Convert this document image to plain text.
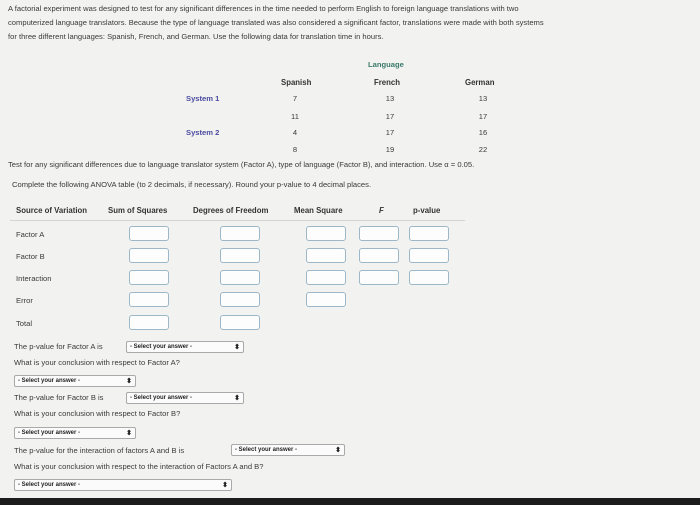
A factorial experiment was designed to test for any significant differences in the time needed to perform English to foreign language translations with two
computerized language translators. Because the type of language translated was also considered a significant factor, translations were made with both systems
for three different languages: Spanish, French, and German. Use the following data for translation time in hours.
Language
Spanish	French	German
System 1	7	13	13
11	17	17
System 2	4	17	16
8	19	22
Test for any significant differences due to language translator system (Factor A), type of language (Factor B), and interaction. Use α = 0.05.
Complete the following ANOVA table (to 2 decimals, if necessary). Round your p-value to 4 decimal places.
Source of Variation	Sum of Squares	Degrees of Freedom	Mean Square	F	p-value
Factor A
Factor B
Interaction
Error
Total
The p-value for Factor A is	- Select your answer -	⬍
What is your conclusion with respect to Factor A?
- Select your answer -	⬍
The p-value for Factor B is	- Select your answer -	⬍
What is your conclusion with respect to Factor B?
- Select your answer -	⬍
The p-value for the interaction of factors A and B is	- Select your answer -	⬍
What is your conclusion with respect to the interaction of Factors A and B?
- Select your answer -	⬍
